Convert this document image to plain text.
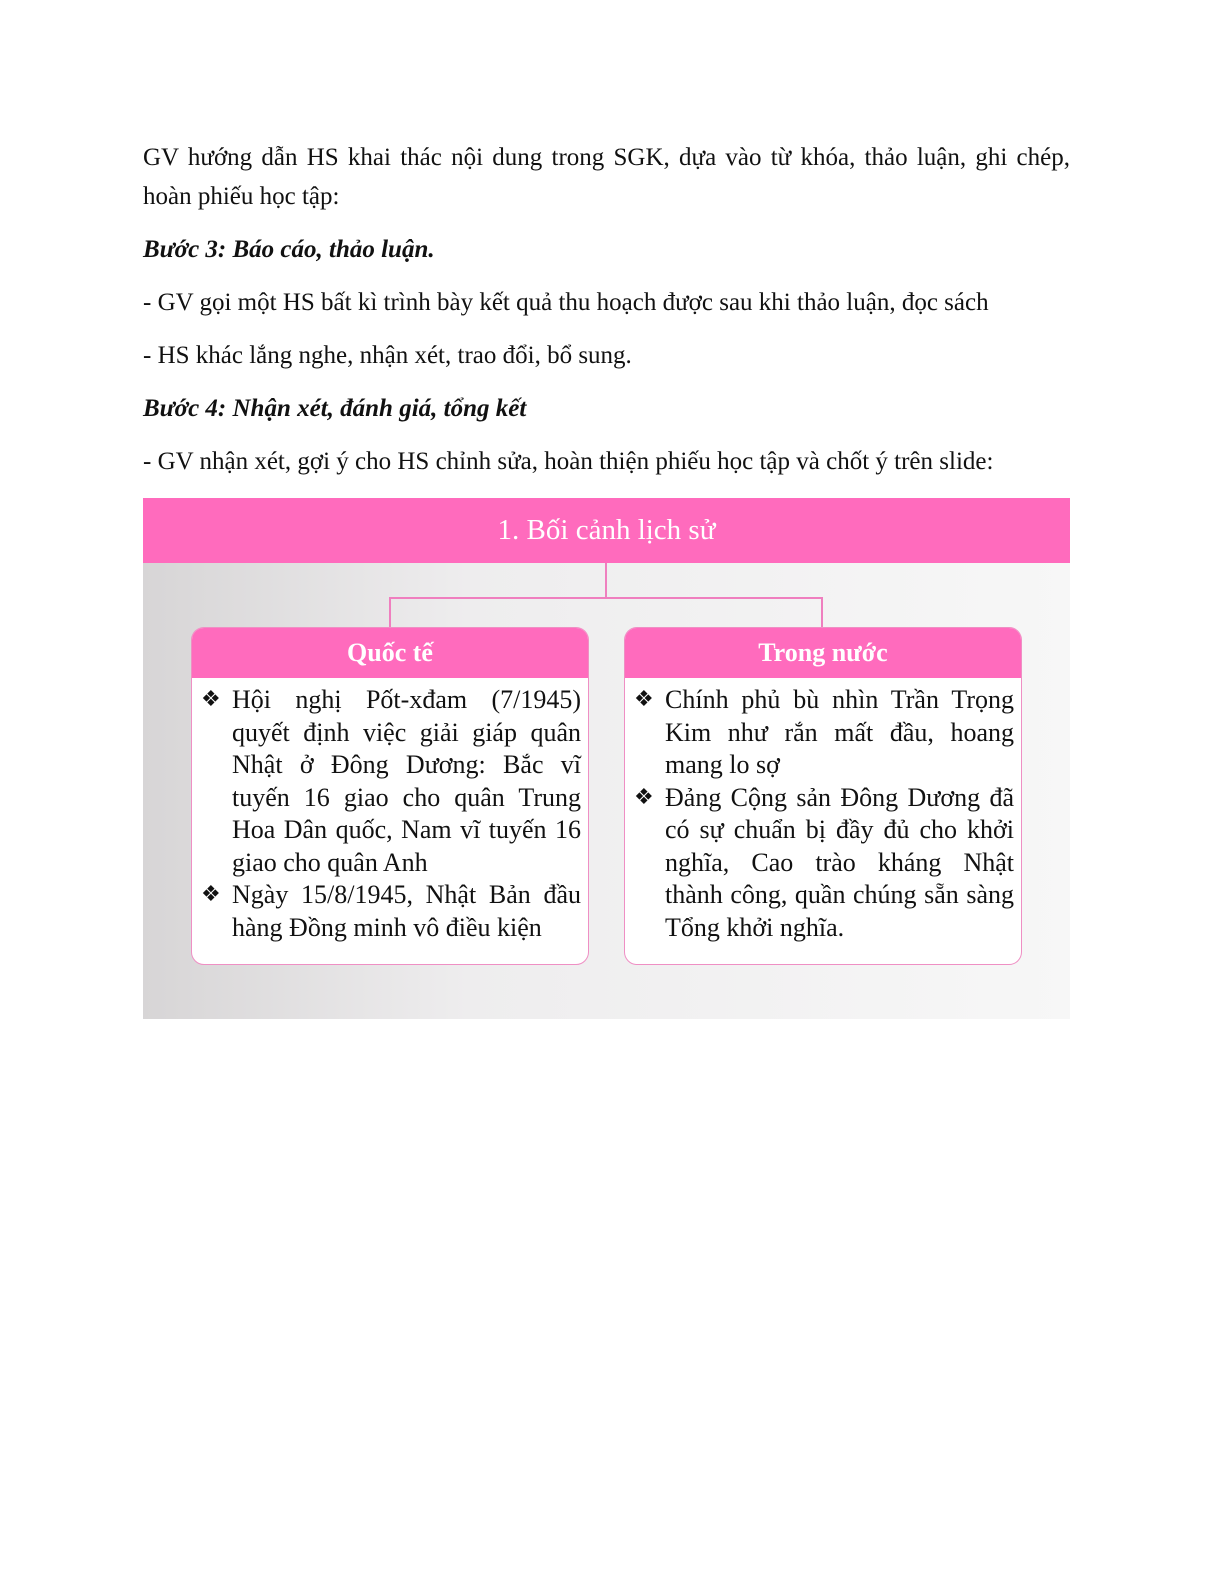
GV hướng dẫn HS khai thác nội dung trong SGK, dựa vào từ khóa, thảo luận, ghi chép, hoàn phiếu học tập:

Bước 3: Báo cáo, thảo luận.

- GV gọi một HS bất kì trình bày kết quả thu hoạch được sau khi thảo luận, đọc sách

- HS khác lắng nghe, nhận xét, trao đổi, bổ sung.

Bước 4: Nhận xét, đánh giá, tổng kết

- GV nhận xét, gợi ý cho HS chỉnh sửa, hoàn thiện phiếu học tập và chốt ý trên slide:

1. Bối cảnh lịch sử
Quốc tế
❖ Hội nghị Pốt-xđam (7/1945) quyết định việc giải giáp quân Nhật ở Đông Dương: Bắc vĩ tuyến 16 giao cho quân Trung Hoa Dân quốc, Nam vĩ tuyến 16 giao cho quân Anh
❖ Ngày 15/8/1945, Nhật Bản đầu hàng Đồng minh vô điều kiện
Trong nước
❖ Chính phủ bù nhìn Trần Trọng Kim như rắn mất đầu, hoang mang lo sợ
❖ Đảng Cộng sản Đông Dương đã có sự chuẩn bị đầy đủ cho khởi nghĩa, Cao trào kháng Nhật thành công, quần chúng sẵn sàng Tổng khởi nghĩa.
